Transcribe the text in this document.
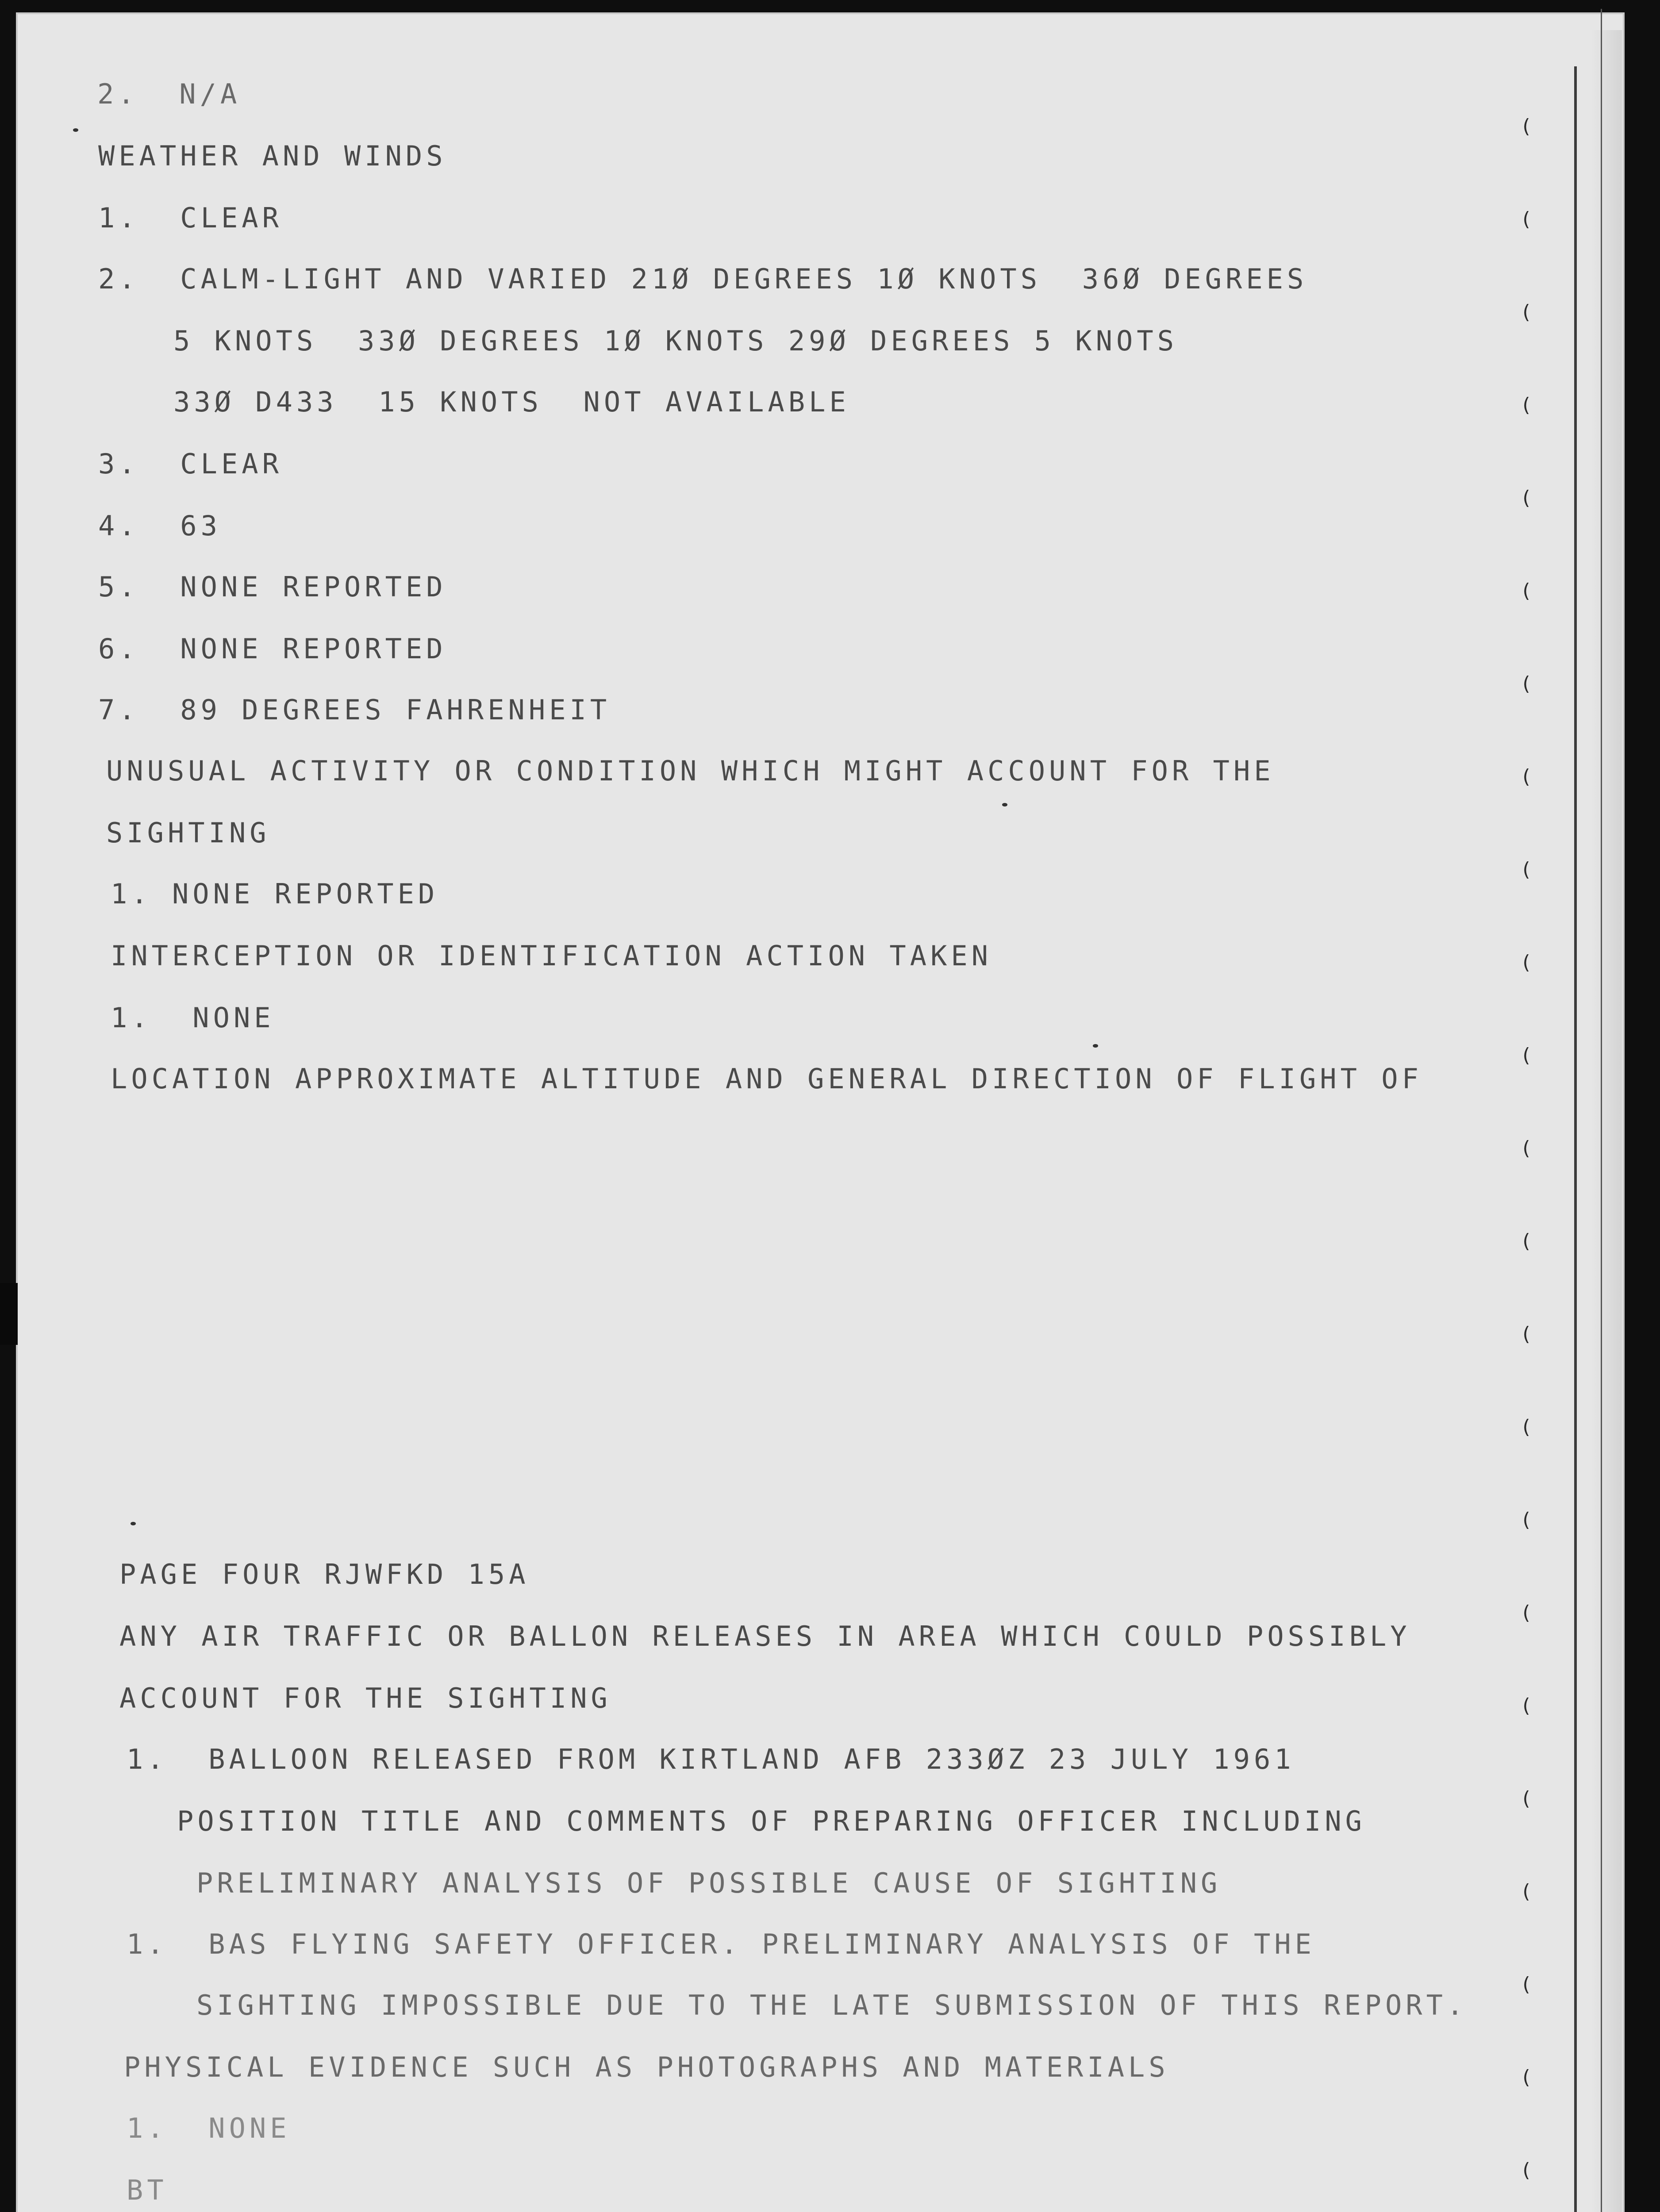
2.  N/A
WEATHER AND WINDS
1.  CLEAR
2.  CALM-LIGHT AND VARIED 21Ø DEGREES 1Ø KNOTS  36Ø DEGREES
5 KNOTS  33Ø DEGREES 1Ø KNOTS 29Ø DEGREES 5 KNOTS
33Ø D433  15 KNOTS  NOT AVAILABLE
3.  CLEAR
4.  63
5.  NONE REPORTED
6.  NONE REPORTED
7.  89 DEGREES FAHRENHEIT
UNUSUAL ACTIVITY OR CONDITION WHICH MIGHT ACCOUNT FOR THE
SIGHTING
1. NONE REPORTED
INTERCEPTION OR IDENTIFICATION ACTION TAKEN
1.  NONE
LOCATION APPROXIMATE ALTITUDE AND GENERAL DIRECTION OF FLIGHT OF
PAGE FOUR RJWFKD 15A
ANY AIR TRAFFIC OR BALLON RELEASES IN AREA WHICH COULD POSSIBLY
ACCOUNT FOR THE SIGHTING
1.  BALLOON RELEASED FROM KIRTLAND AFB 233ØZ 23 JULY 1961
POSITION TITLE AND COMMENTS OF PREPARING OFFICER INCLUDING
PRELIMINARY ANALYSIS OF POSSIBLE CAUSE OF SIGHTING
1.  BAS FLYING SAFETY OFFICER. PRELIMINARY ANALYSIS OF THE
SIGHTING IMPOSSIBLE DUE TO THE LATE SUBMISSION OF THIS REPORT.
PHYSICAL EVIDENCE SUCH AS PHOTOGRAPHS AND MATERIALS
1.  NONE
BT
(
(
(
(
(
(
(
(
(
(
(
(
(
(
(
(
(
(
(
(
(
(
(
